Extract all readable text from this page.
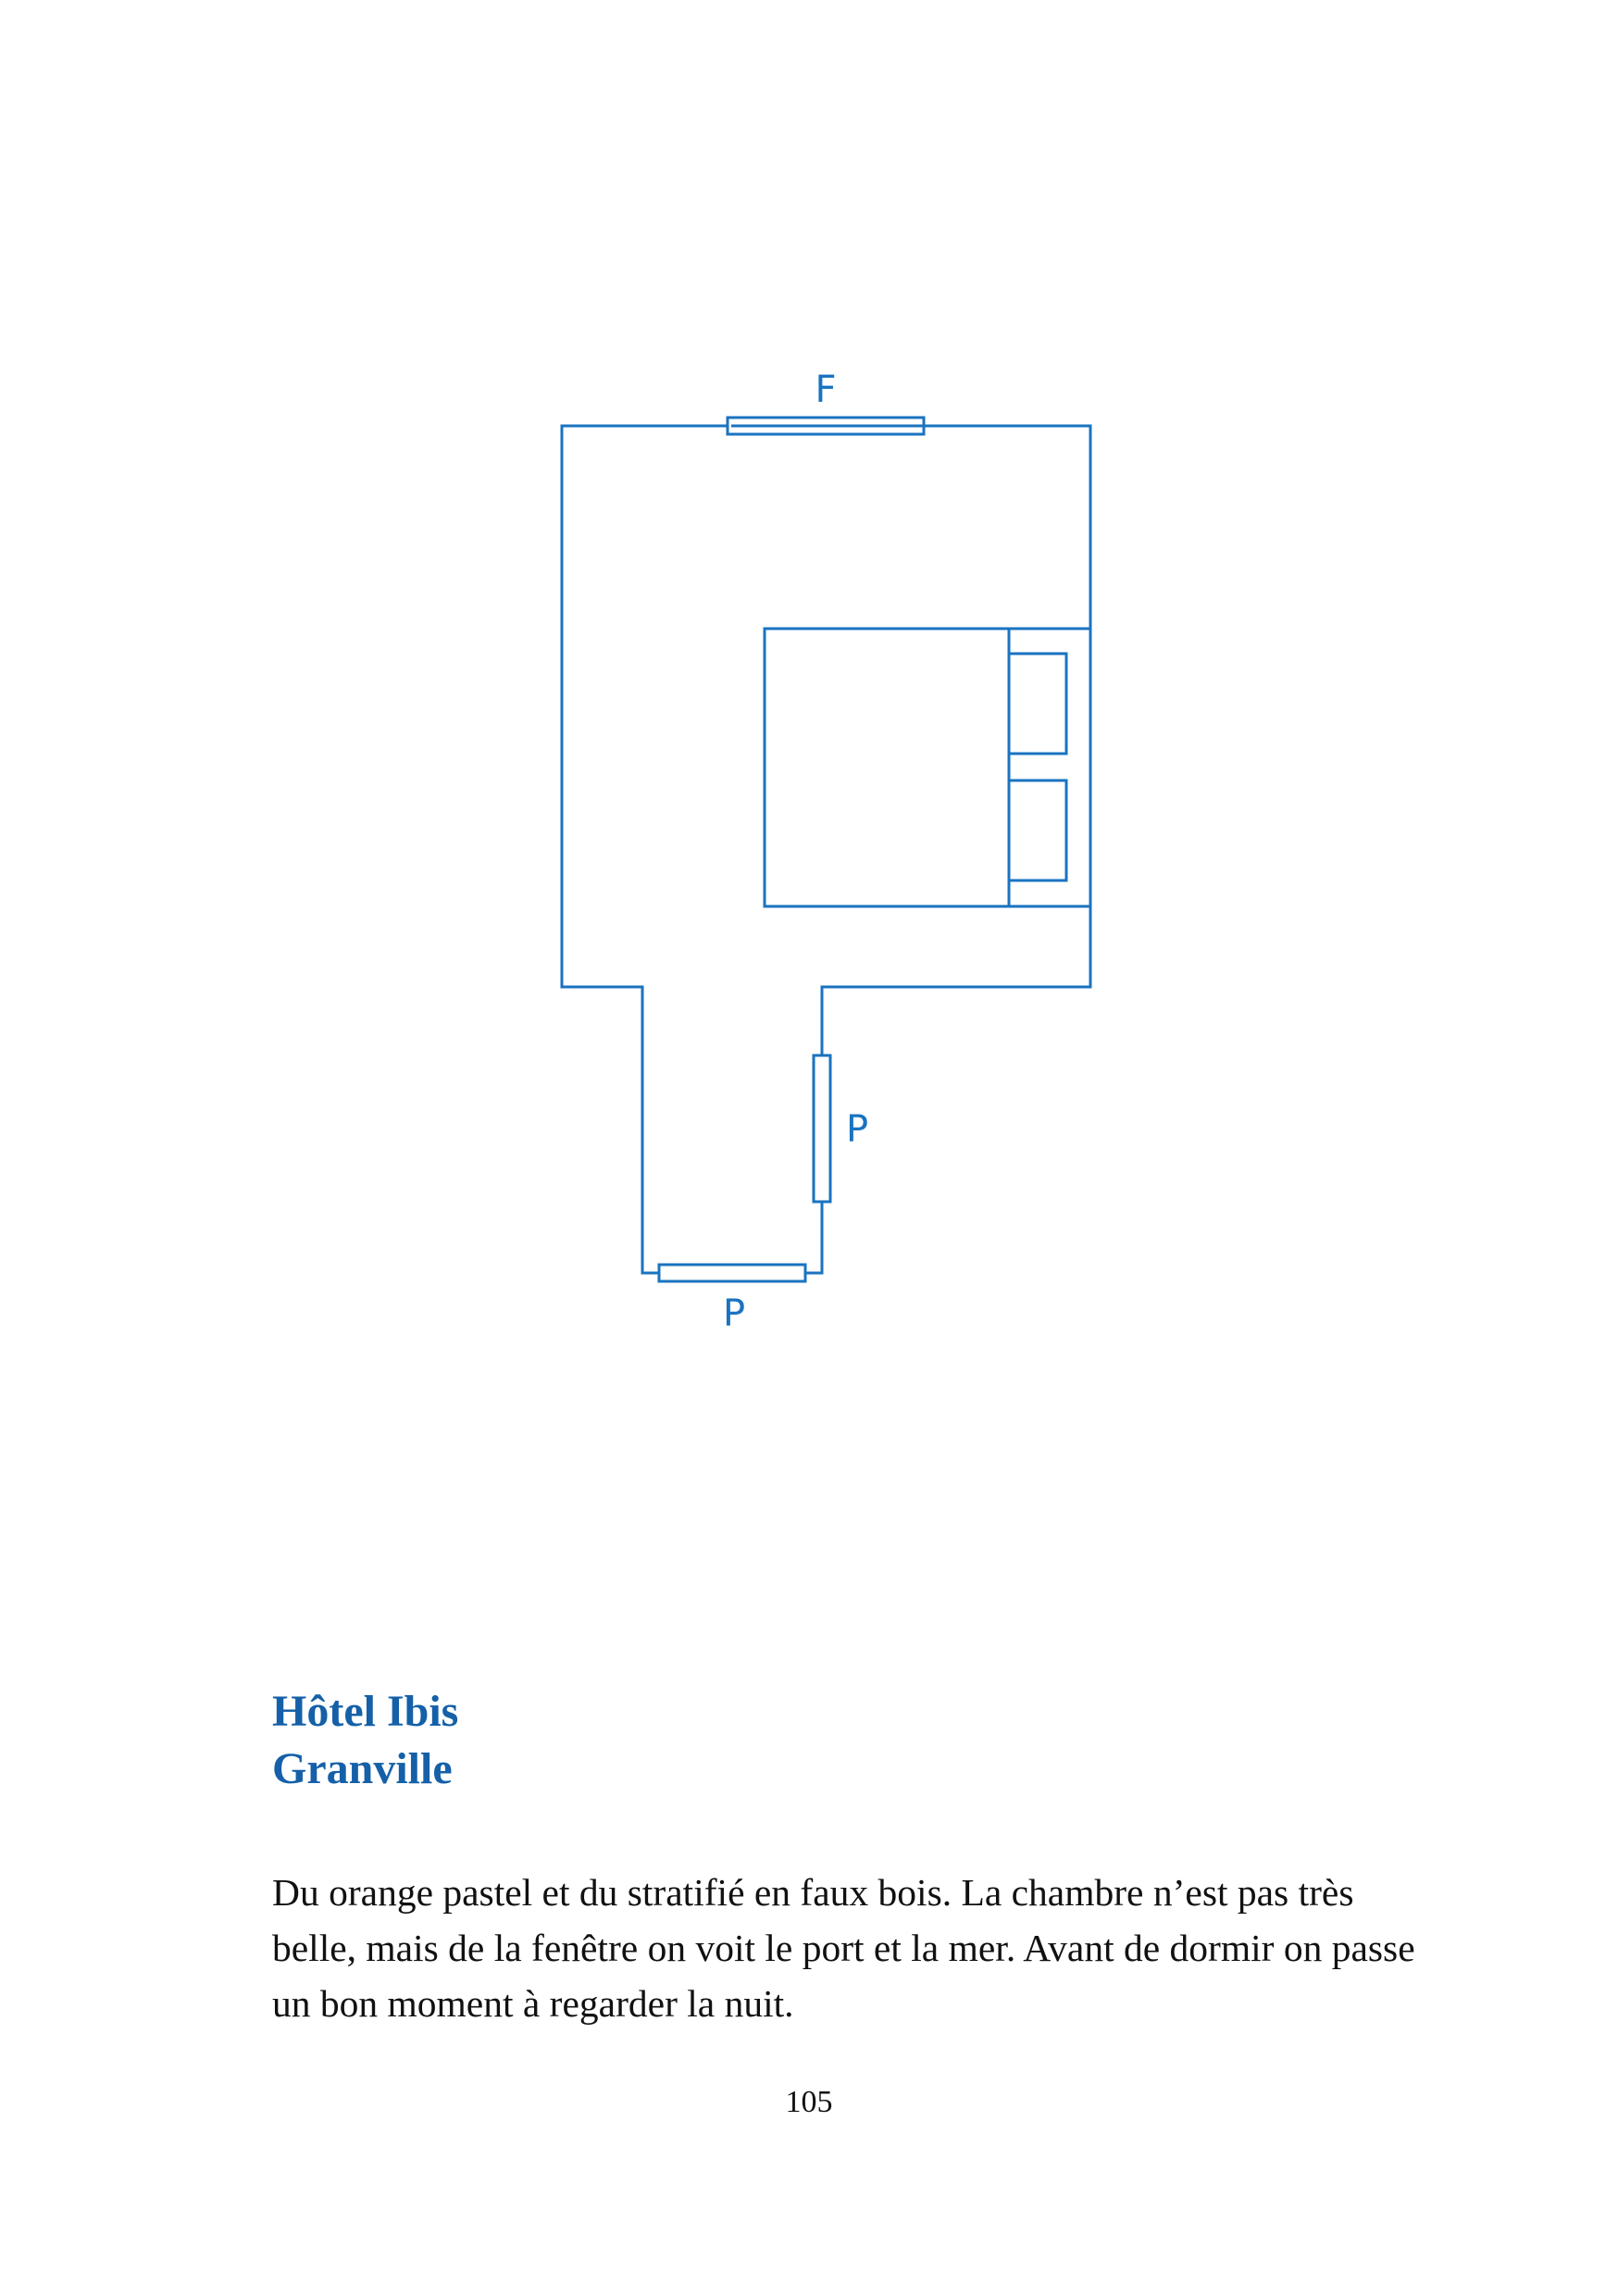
F
P
P
Hôtel Ibis
Granville

Du orange pastel et du stratifié en faux bois. La chambre n’est pas très belle, mais de la fenêtre on voit le port et la mer. Avant de dormir on passe un bon moment à regarder la nuit.

105
